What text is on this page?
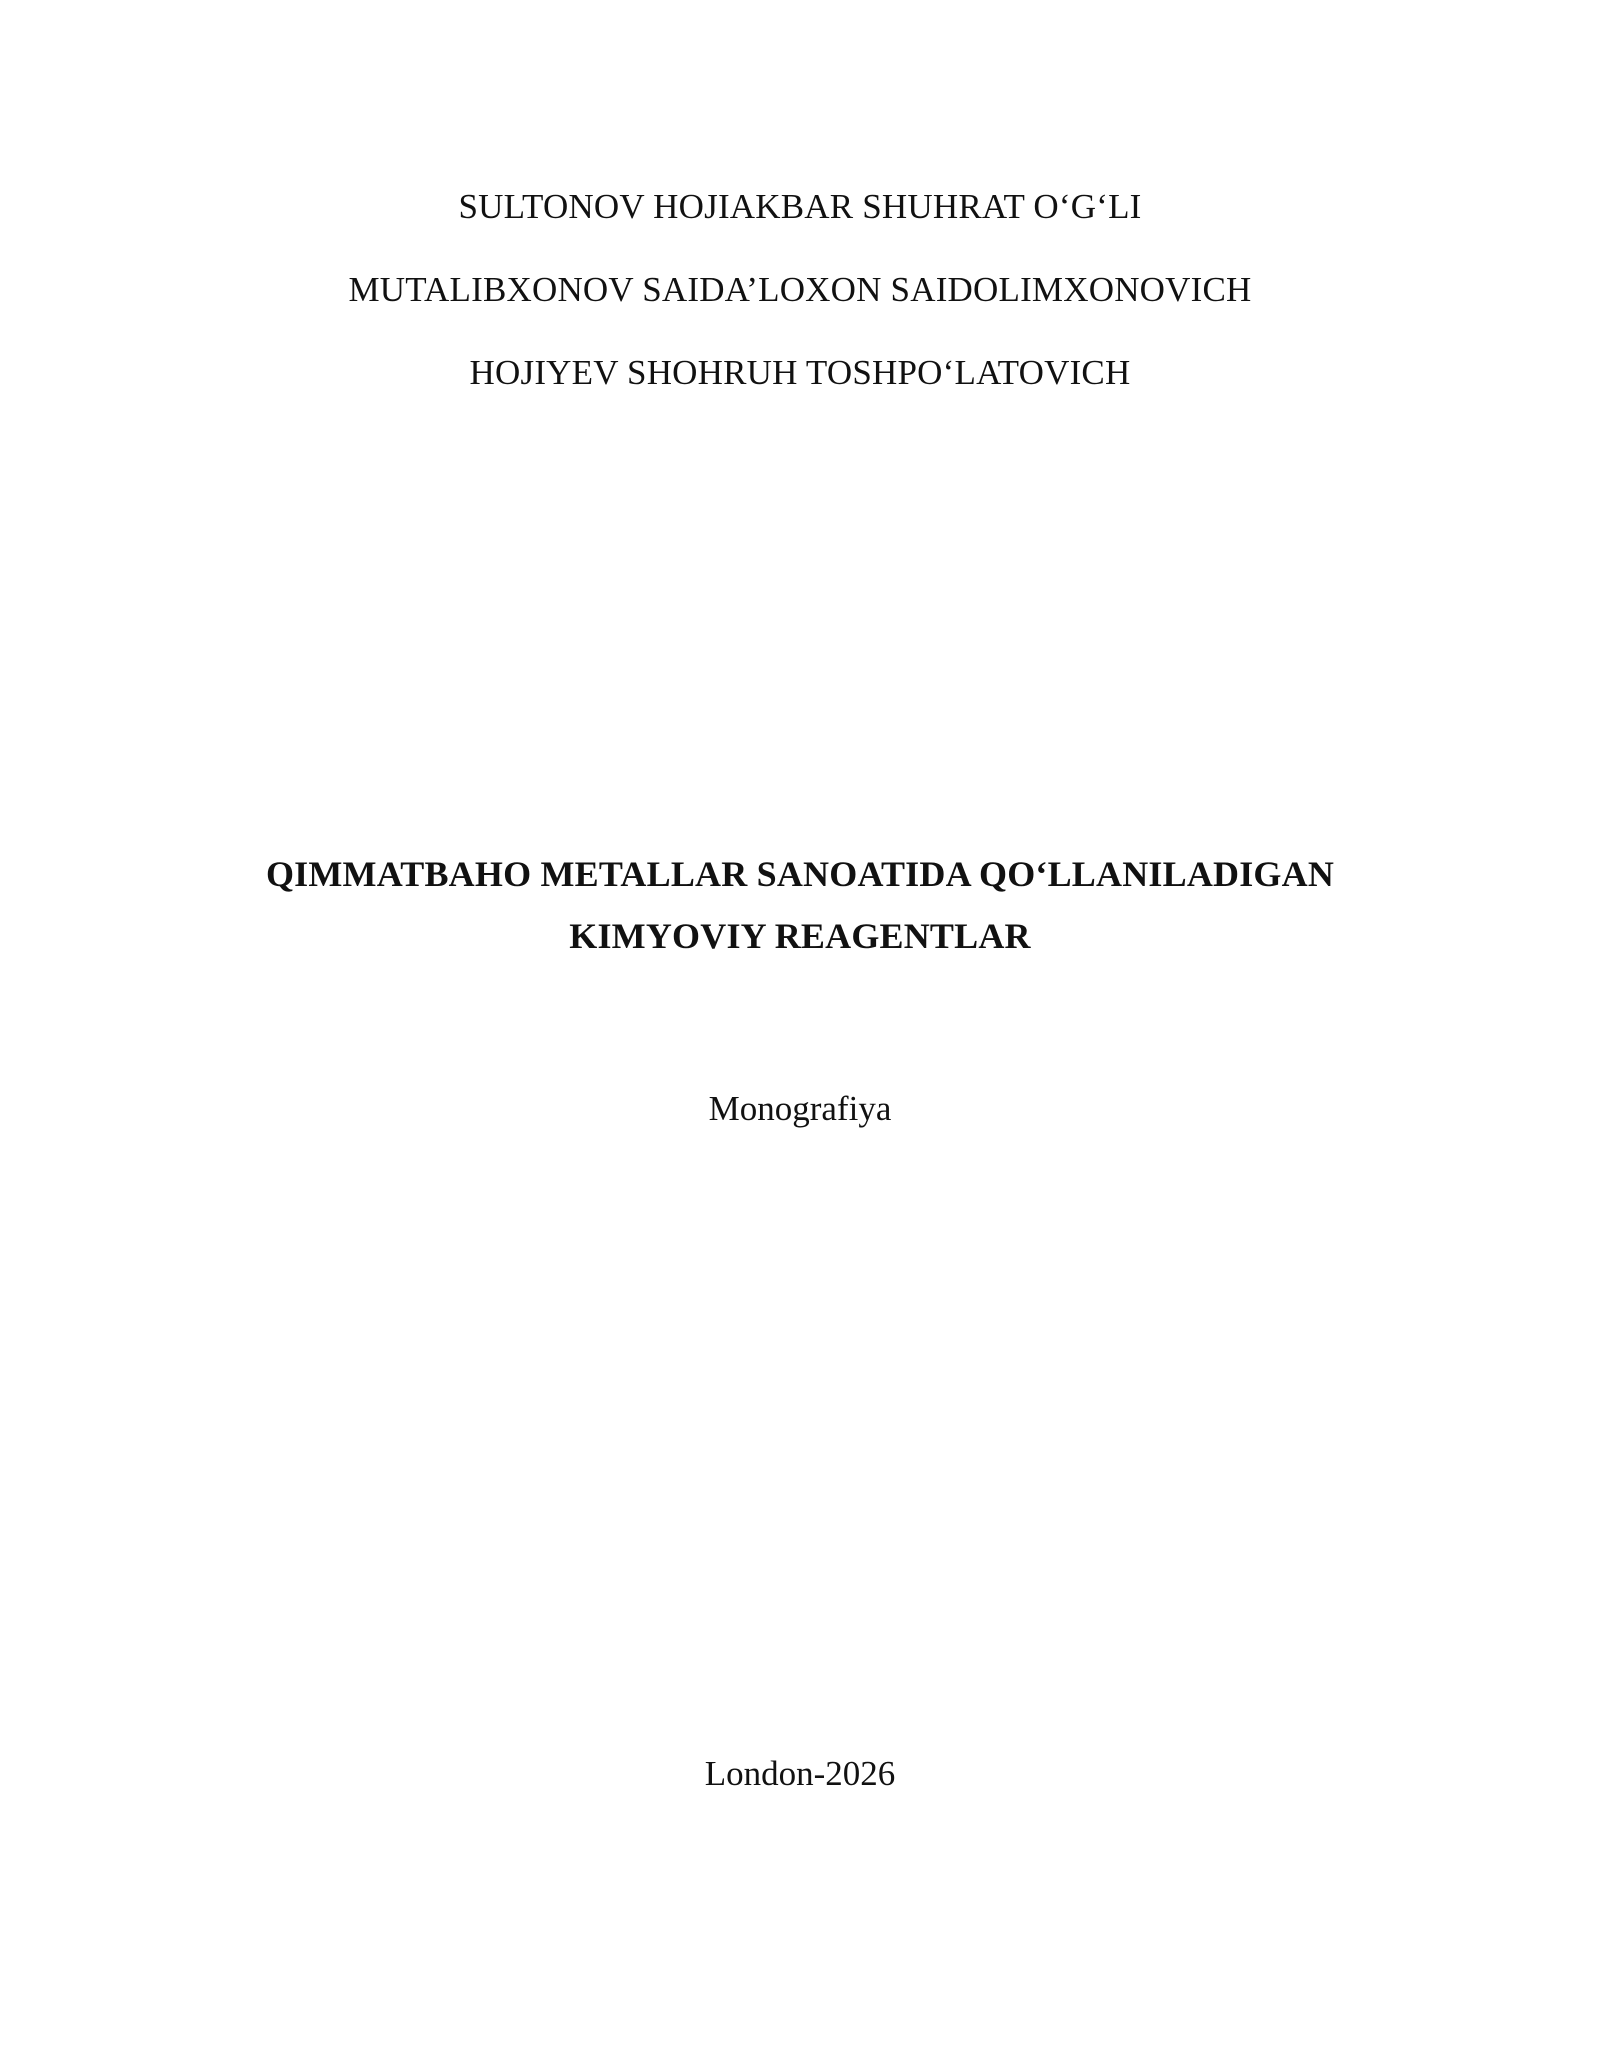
SULTONOV HOJIAKBAR SHUHRAT O‘G‘LI
MUTALIBXONOV SAIDA’LOXON SAIDOLIMXONOVICH
HOJIYEV SHOHRUH TOSHPO‘LATOVICH
QIMMATBAHO METALLAR SANOATIDA QO‘LLANILADIGAN
KIMYOVIY REAGENTLAR
Monografiya
London-2026
